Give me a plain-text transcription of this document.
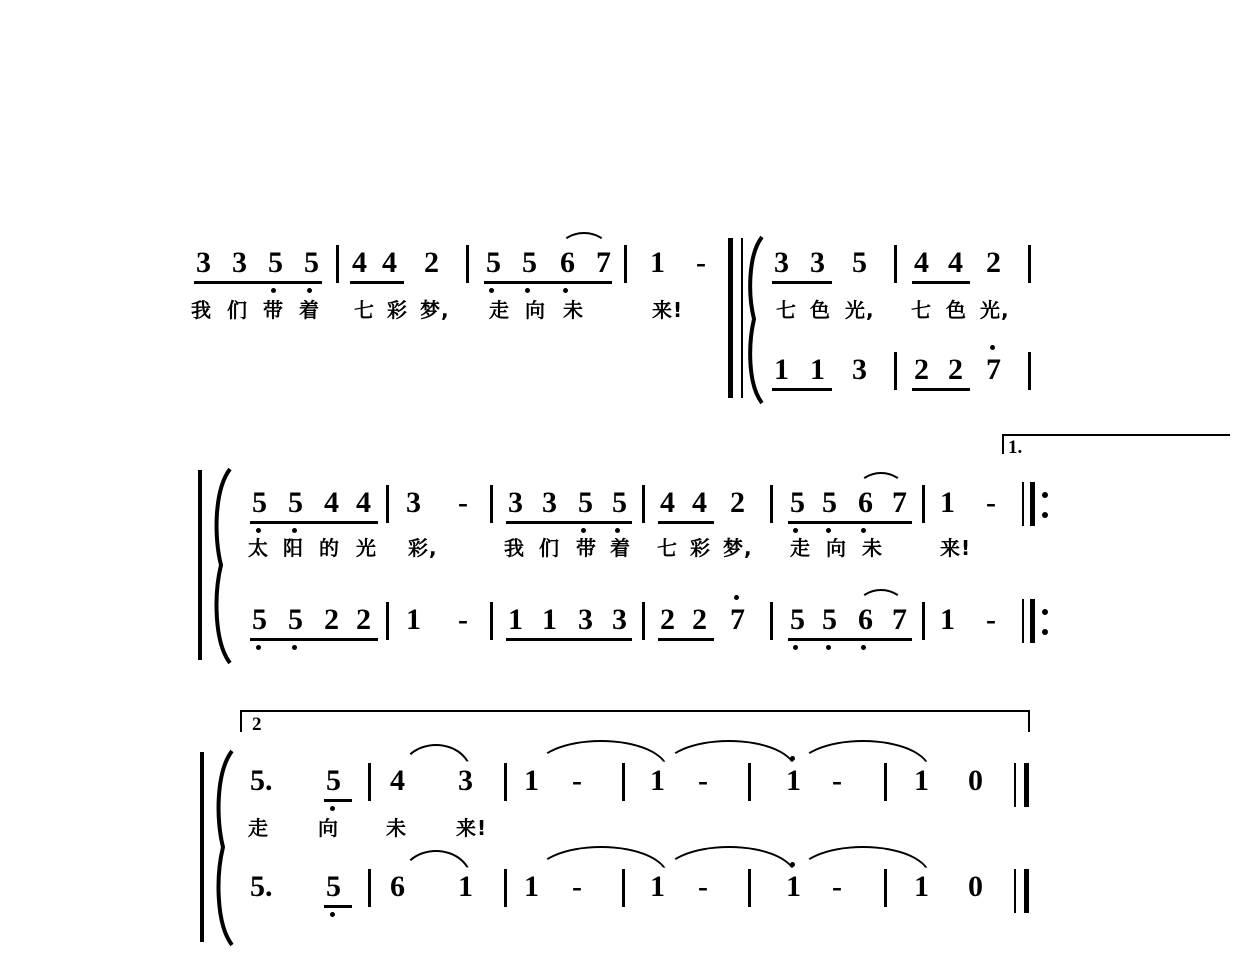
3 3 5 5 4 4 2 5 5 6 7 1 -
我 们 带 着 七 彩 梦, 走 向 未	来!
3 3 5 4 4 2
七 色 光, 七 色 光,
1 1 3 2 2 7
1.
5 5 4 4 3 - 3 3 5 5 4 4 2 5 5 6 7 1 -
太 阳 的 光 彩,	我 们 带 着 七 彩 梦, 走 向 未	来!
5 5 2 2 1 - 1 1 3 3 2 2 7 5 5 6 7 1 -
2
5. 5 4 3 1 - 1 -	1 - 1 0
走 向 未 来!
5. 5 6 1 1 - 1 -	1 - 1 0
